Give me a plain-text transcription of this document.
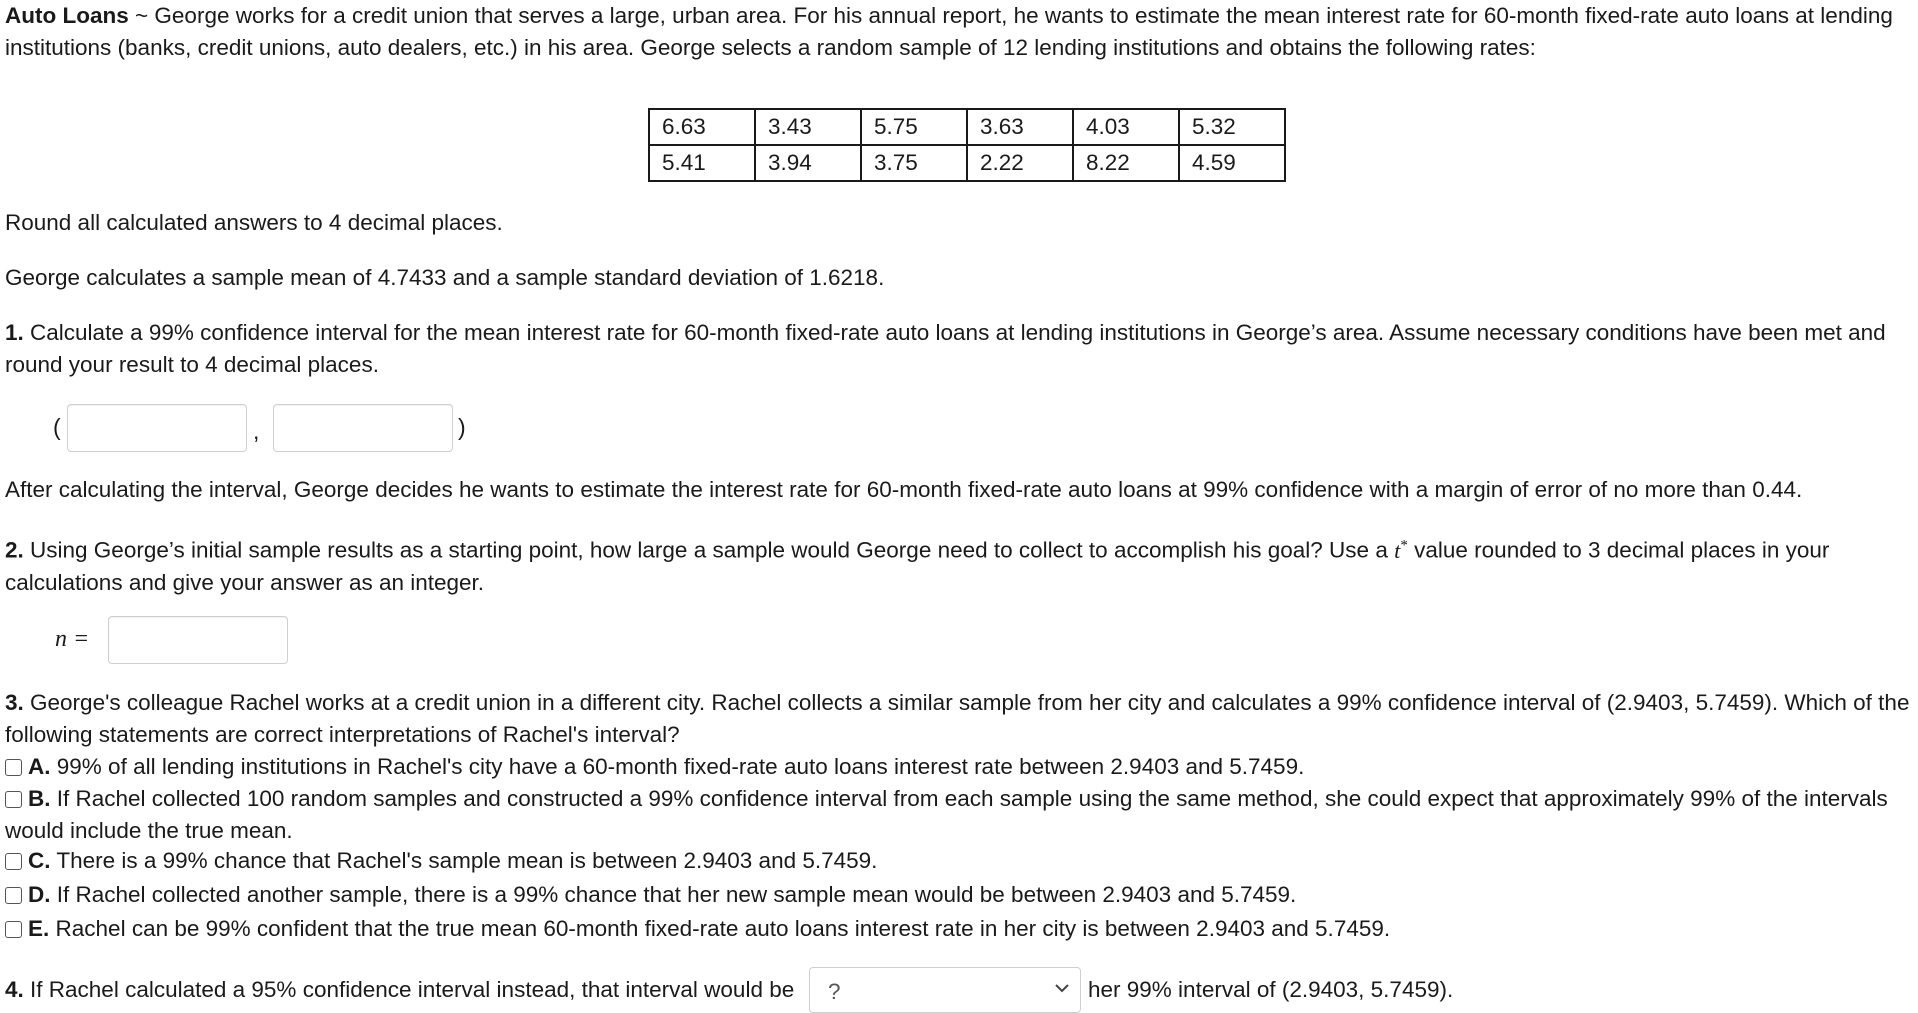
Auto Loans ~ George works for a credit union that serves a large, urban area. For his annual report, he wants to estimate the mean interest rate for 60-month fixed-rate auto loans at lending institutions (banks, credit unions, auto dealers, etc.) in his area. George selects a random sample of 12 lending institutions and obtains the following rates:

6.63	3.43	5.75	3.63	4.03	5.32
5.41	3.94	3.75	2.22	8.22	4.59

Round all calculated answers to 4 decimal places.

George calculates a sample mean of 4.7433 and a sample standard deviation of 1.6218.

1. Calculate a 99% confidence interval for the mean interest rate for 60-month fixed-rate auto loans at lending institutions in George’s area. Assume necessary conditions have been met and round your result to 4 decimal places.

(	,	)

After calculating the interval, George decides he wants to estimate the interest rate for 60-month fixed-rate auto loans at 99% confidence with a margin of error of no more than 0.44.

2. Using George’s initial sample results as a starting point, how large a sample would George need to collect to accomplish his goal? Use a t* value rounded to 3 decimal places in your calculations and give your answer as an integer.

n =

3. George's colleague Rachel works at a credit union in a different city. Rachel collects a similar sample from her city and calculates a 99% confidence interval of (2.9403, 5.7459). Which of the following statements are correct interpretations of Rachel's interval?

A. 99% of all lending institutions in Rachel's city have a 60-month fixed-rate auto loans interest rate between 2.9403 and 5.7459.
B. If Rachel collected 100 random samples and constructed a 99% confidence interval from each sample using the same method, she could expect that approximately 99% of the intervals would include the true mean.
C. There is a 99% chance that Rachel's sample mean is between 2.9403 and 5.7459.
D. If Rachel collected another sample, there is a 99% chance that her new sample mean would be between 2.9403 and 5.7459.
E. Rachel can be 99% confident that the true mean 60-month fixed-rate auto loans interest rate in her city is between 2.9403 and 5.7459.

4. If Rachel calculated a 95% confidence interval instead, that interval would be	?	her 99% interval of (2.9403, 5.7459).
